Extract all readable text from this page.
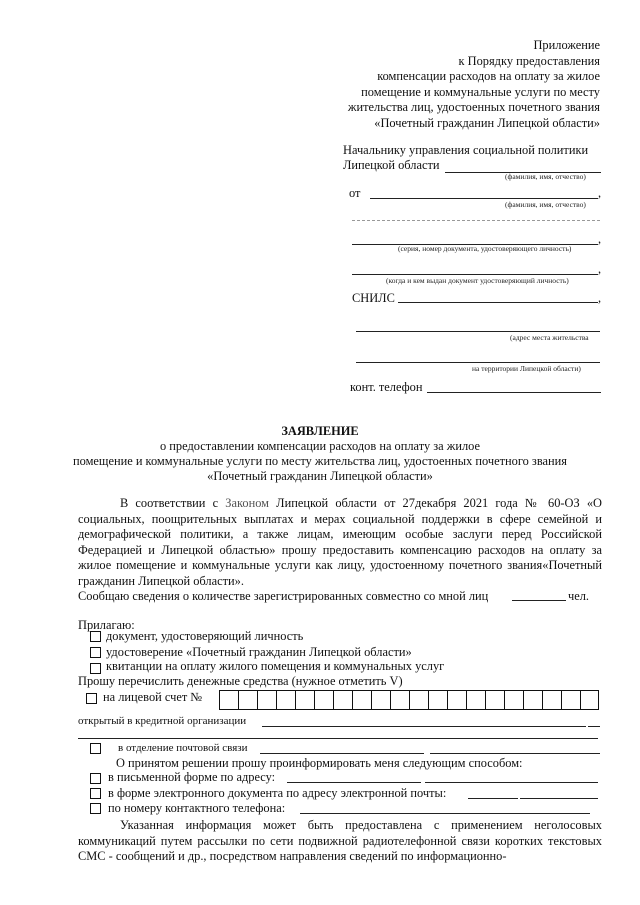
Приложение
к Порядку предоставления
компенсации расходов на оплату за жилое
помещение и коммунальные услуги по месту
жительства лиц, удостоенных почетного звания
«Почетный гражданин Липецкой области»
Начальнику управления социальной политики
Липецкой области
(фамилия, имя, отчество)
от	,
(фамилия, имя, отчество)
,
(серия, номер документа, удостоверяющего личность)
,
(когда и кем выдан документ удостоверяющий личность)
СНИЛС	,
(адрес места жительства
на территории Липецкой области)
конт. телефон
ЗАЯВЛЕНИЕ
о предоставлении компенсации расходов на оплату за жилое
помещение и коммунальные услуги по месту жительства лиц, удостоенных почетного звания
«Почетный гражданин Липецкой области»
В соответствии с Законом Липецкой области от 27декабря 2021 года № 60-ОЗ «О социальных, поощрительных выплатах и мерах социальной поддержки в сфере семейной и демографической политики, а также лицам, имеющим особые заслуги перед Российской Федерацией и Липецкой областью» прошу предоставить компенсацию расходов на оплату за жилое помещение и коммунальные услуги как лицу, удостоенному почетного звания«Почетный гражданин Липецкой области».
Сообщаю сведения о количестве зарегистрированных совместно со мной лиц	чел.
Прилагаю:
документ, удостоверяющий личность
удостоверение «Почетный гражданин Липецкой области»
квитанции на оплату жилого помещения и коммунальных услуг
Прошу перечислить денежные средства (нужное отметить V)
на лицевой счет №
открытый в кредитной организации
в отделение почтовой связи
О принятом решении прошу проинформировать меня следующим способом:
в письменной форме по адресу:
в форме электронного документа по адресу электронной почты:
по номеру контактного телефона:
Указанная информация может быть предоставлена с применением неголосовых коммуникаций путем рассылки по сети подвижной радиотелефонной связи коротких текстовых СМС - сообщений и др., посредством направления сведений по информационно-
